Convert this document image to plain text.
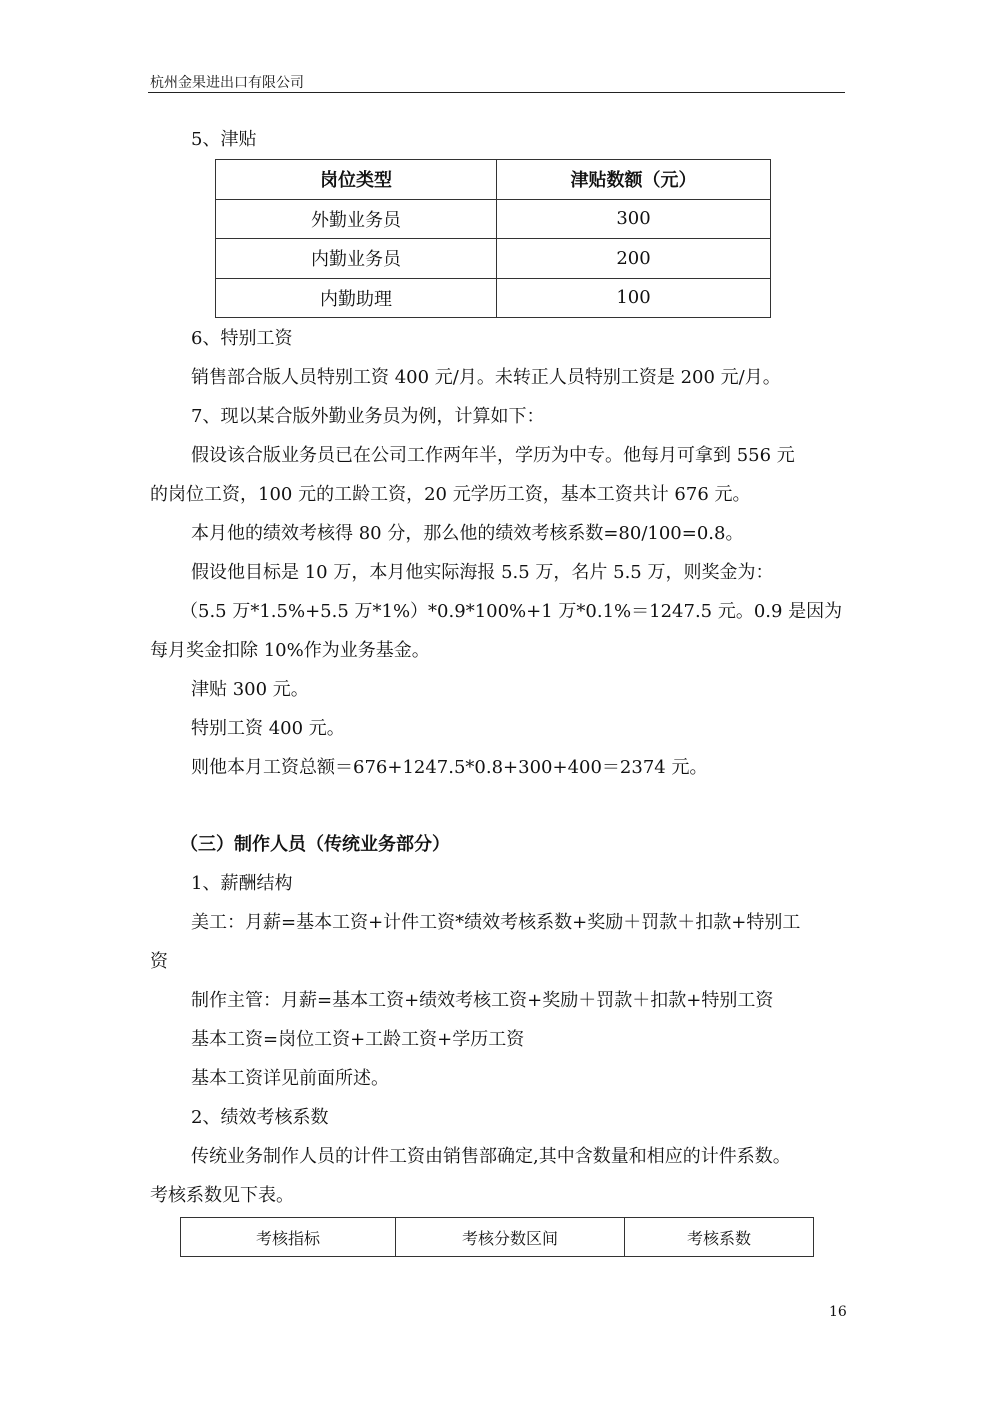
杭州金果进出口有限公司
5、津贴
岗位类型	津贴数额（元）
外勤业务员	300
内勤业务员	200
内勤助理	100
6、特别工资
销售部合版人员特别工资 400 元/月。未转正人员特别工资是 200 元/月。
7、现以某合版外勤业务员为例，计算如下：
假设该合版业务员已在公司工作两年半，学历为中专。他每月可拿到 556 元
的岗位工资，100 元的工龄工资，20 元学历工资，基本工资共计 676 元。
本月他的绩效考核得 80 分，那么他的绩效考核系数=80/100=0.8。
假设他目标是 10 万，本月他实际海报 5.5 万，名片 5.5 万，则奖金为：
（5.5 万*1.5%+5.5 万*1%）*0.9*100%+1 万*0.1%＝1247.5 元。0.9 是因为
每月奖金扣除 10%作为业务基金。
津贴 300 元。
特别工资 400 元。
则他本月工资总额＝676+1247.5*0.8+300+400＝2374 元。
（三）制作人员（传统业务部分）
1、薪酬结构
美工：月薪=基本工资+计件工资*绩效考核系数+奖励＋罚款＋扣款+特别工
资
制作主管：月薪=基本工资+绩效考核工资+奖励＋罚款＋扣款+特别工资
基本工资=岗位工资+工龄工资+学历工资
基本工资详见前面所述。
2、绩效考核系数
传统业务制作人员的计件工资由销售部确定,其中含数量和相应的计件系数。
考核系数见下表。
考核指标	考核分数区间	考核系数
16
